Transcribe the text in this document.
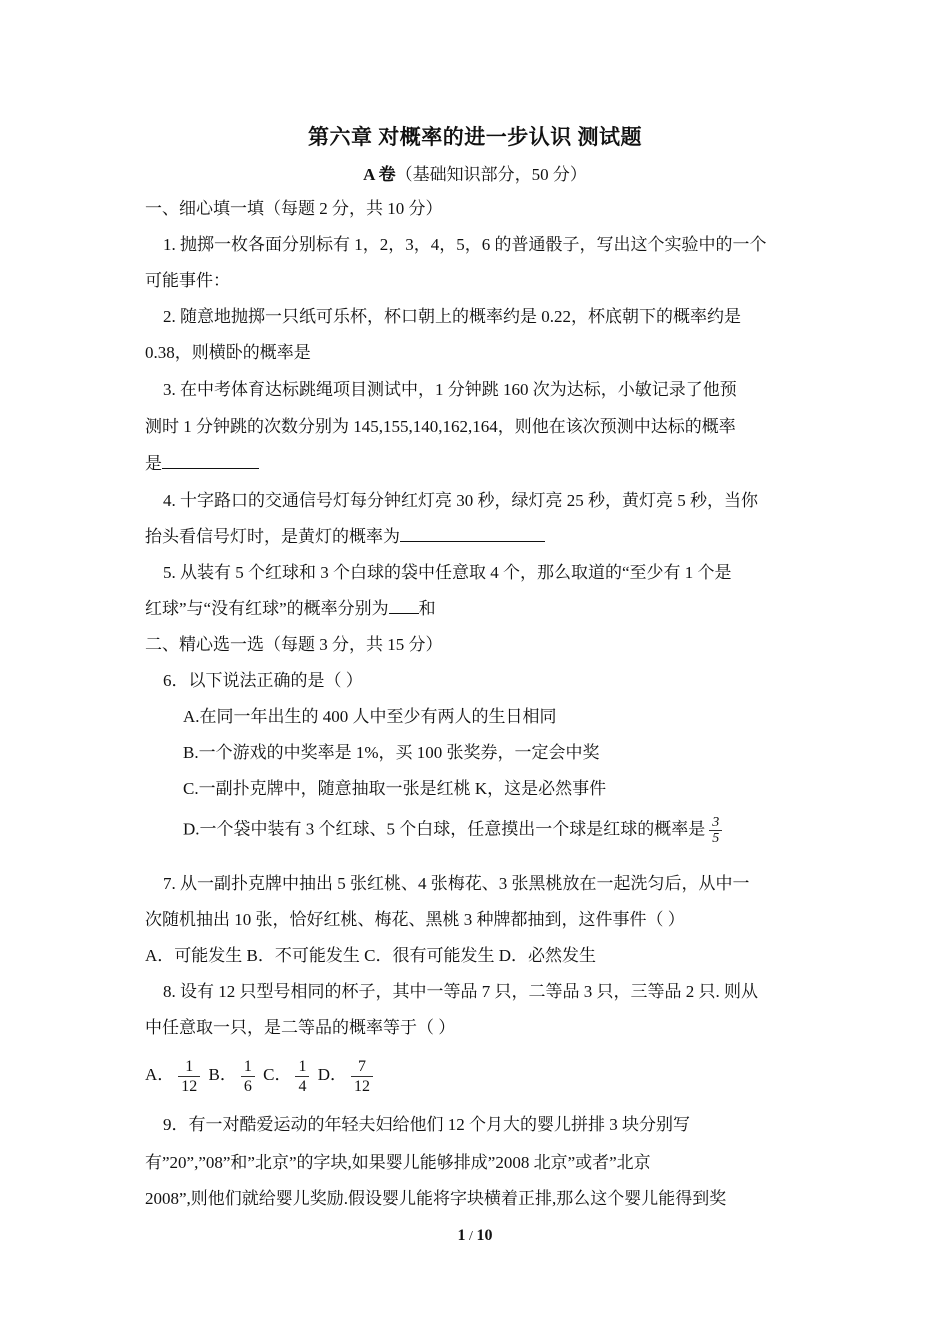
第六章 对概率的进一步认识 测试题
A 卷（基础知识部分，50 分）
一、细心填一填（每题 2 分，共 10 分）
1. 抛掷一枚各面分别标有 1，2，3，4，5，6 的普通骰子，写出这个实验中的一个
可能事件：
2. 随意地抛掷一只纸可乐杯，杯口朝上的概率约是 0.22，杯底朝下的概率约是
0.38，则横卧的概率是
3. 在中考体育达标跳绳项目测试中，1 分钟跳 160 次为达标，小敏记录了他预
测时 1 分钟跳的次数分别为 145,155,140,162,164，则他在该次预测中达标的概率
是
4. 十字路口的交通信号灯每分钟红灯亮 30 秒，绿灯亮 25 秒，黄灯亮 5 秒，当你
抬头看信号灯时，是黄灯的概率为
5. 从装有 5 个红球和 3 个白球的袋中任意取 4 个，那么取道的“至少有 1 个是
红球”与“没有红球”的概率分别为 和
二、精心选一选（每题 3 分，共 15 分）
6．以下说法正确的是（ ）
A.在同一年出生的 400 人中至少有两人的生日相同
B.一个游戏的中奖率是 1%，买 100 张奖券，一定会中奖
C.一副扑克牌中，随意抽取一张是红桃 K，这是必然事件
D.一个袋中装有 3 个红球、5 个白球，任意摸出一个球是红球的概率是 $\frac{3}{5}$
7. 从一副扑克牌中抽出 5 张红桃、4 张梅花、3 张黑桃放在一起洗匀后，从中一
次随机抽出 10 张，恰好红桃、梅花、黑桃 3 种牌都抽到，这件事件（ ）
A．可能发生 B．不可能发生 C．很有可能发生 D．必然发生
8. 设有 12 只型号相同的杯子，其中一等品 7 只，二等品 3 只，三等品 2 只. 则从
中任意取一只，是二等品的概率等于（ ）
A． $\frac{1}{12}$ B． $\frac{1}{6}$ C． $\frac{1}{4}$ D． $\frac{7}{12}$
9．有一对酷爱运动的年轻夫妇给他们 12 个月大的婴儿拼排 3 块分别写
有”20”,”08”和”北京”的字块,如果婴儿能够排成”2008 北京”或者”北京
2008”,则他们就给婴儿奖励.假设婴儿能将字块横着正排,那么这个婴儿能得到奖
1 / 10
